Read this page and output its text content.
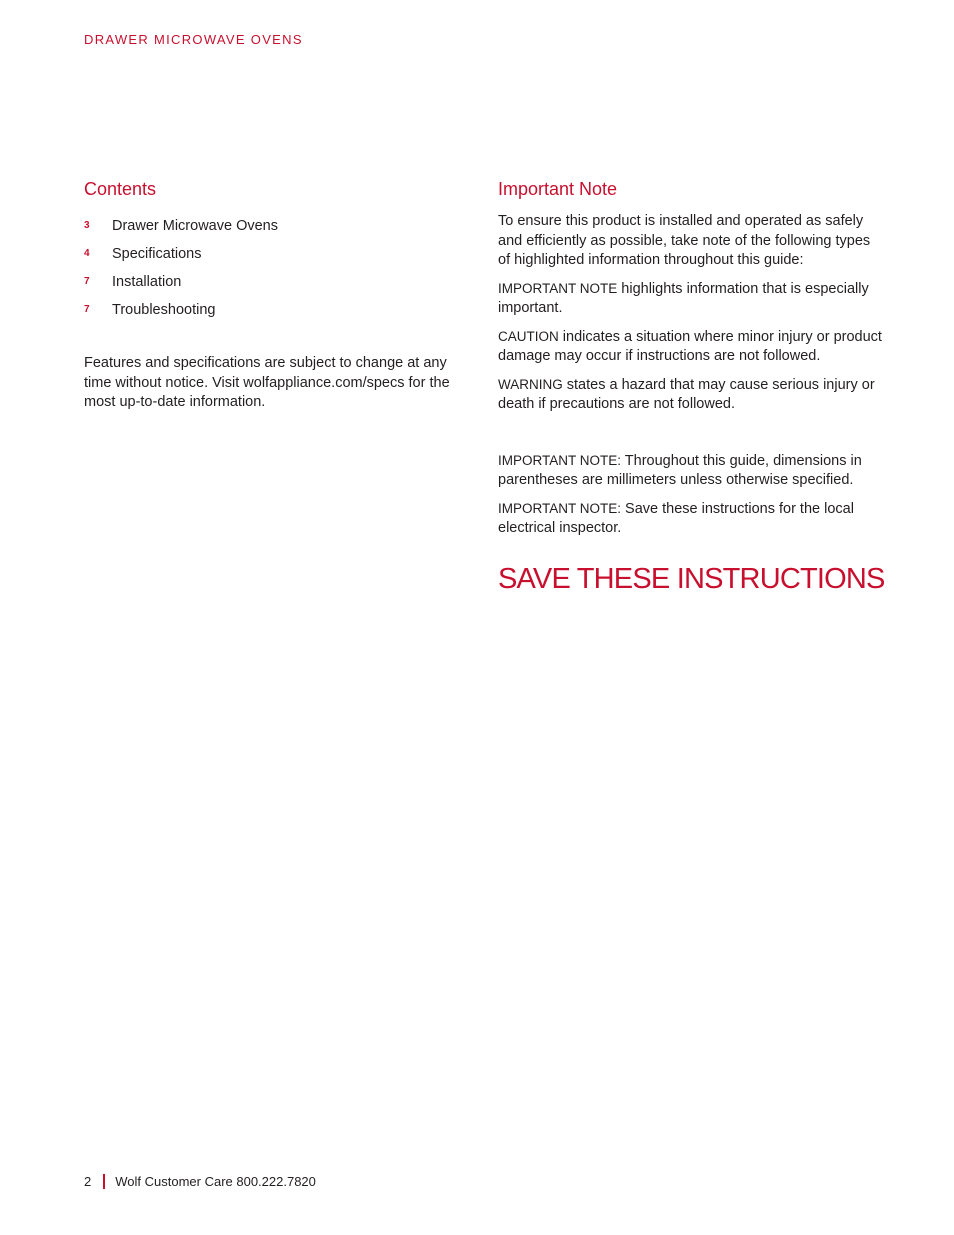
DRAWER MICROWAVE OVENS
Contents
3	Drawer Microwave Ovens
4	Specifications
7	Installation
7	Troubleshooting

Features and specifications are subject to change at any time without notice. Visit wolfappliance.com/specs for the most up-to-date information.

Important Note

To ensure this product is installed and operated as safely and efficiently as possible, take note of the following types of highlighted information throughout this guide:

IMPORTANT NOTE highlights information that is especially important.

CAUTION indicates a situation where minor injury or product damage may occur if instructions are not followed.

WARNING states a hazard that may cause serious injury or death if precautions are not followed.

IMPORTANT NOTE: Throughout this guide, dimensions in parentheses are millimeters unless otherwise specified.

IMPORTANT NOTE: Save these instructions for the local electrical inspector.

SAVE THESE INSTRUCTIONS
2 Wolf Customer Care 800.222.7820
